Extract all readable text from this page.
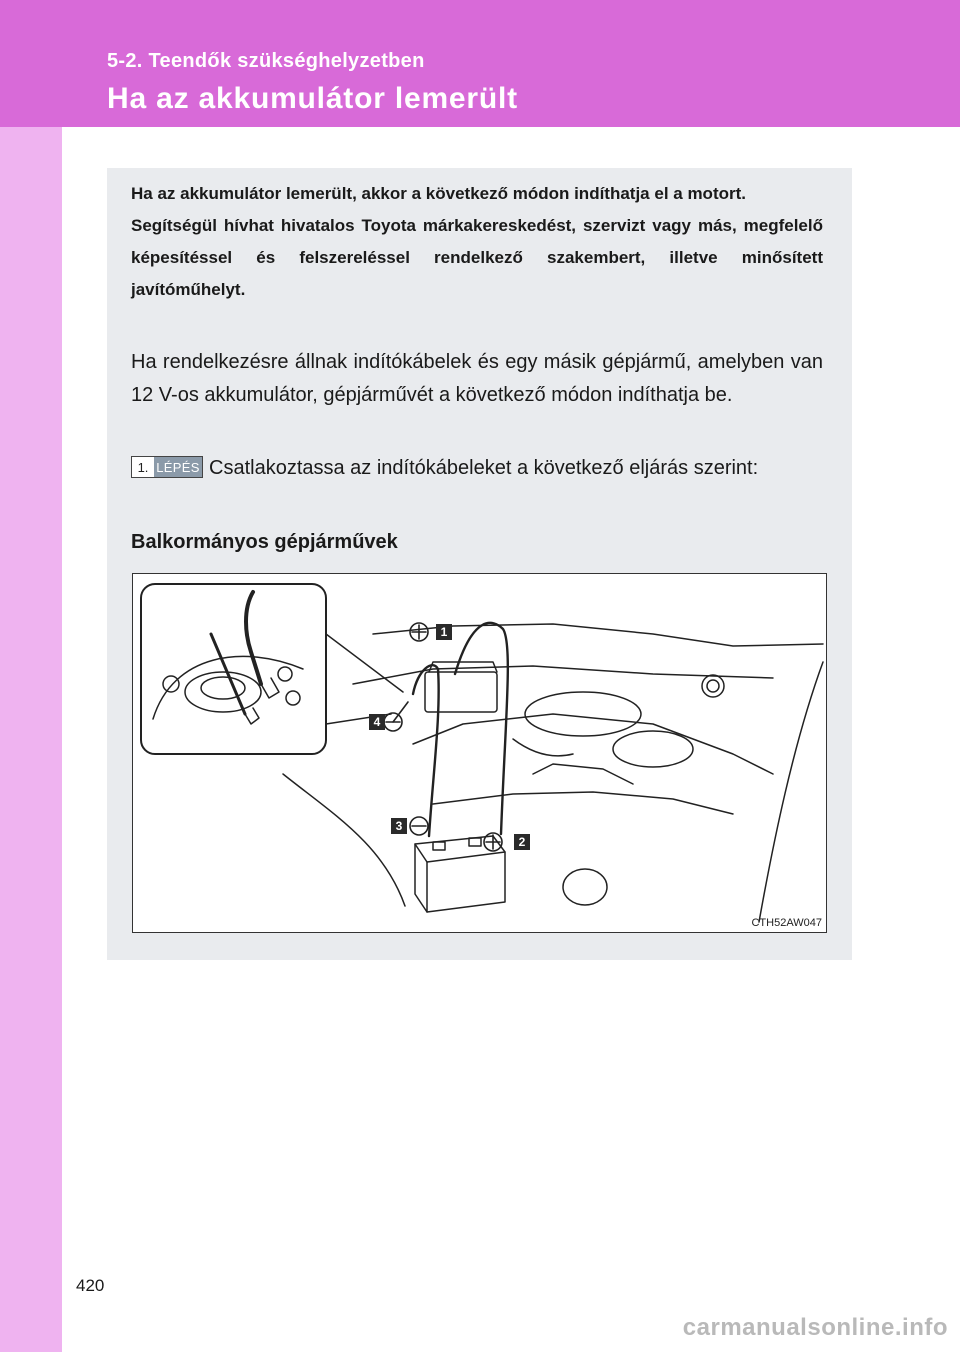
5-2. Teendők szükséghelyzetben
Ha az akkumulátor lemerült

Ha az akkumulátor lemerült, akkor a következő módon indíthatja el a motort.

Segítségül hívhat hivatalos Toyota márkakereskedést, szervizt vagy más, megfelelő képesítéssel és felszereléssel rendelkező szakembert, illetve minősített javítóműhelyt.

Ha rendelkezésre állnak indítókábelek és egy másik gépjármű, amelyben van 12 V-os akkumulátor, gépjárművét a következő módon indíthatja be.

1. LÉPÉS Csatlakoztassa az indítókábeleket a következő eljárás szerint:

Balkormányos gépjárművek
1
2
3
4
CTH52AW047
420
carmanualsonline.info
